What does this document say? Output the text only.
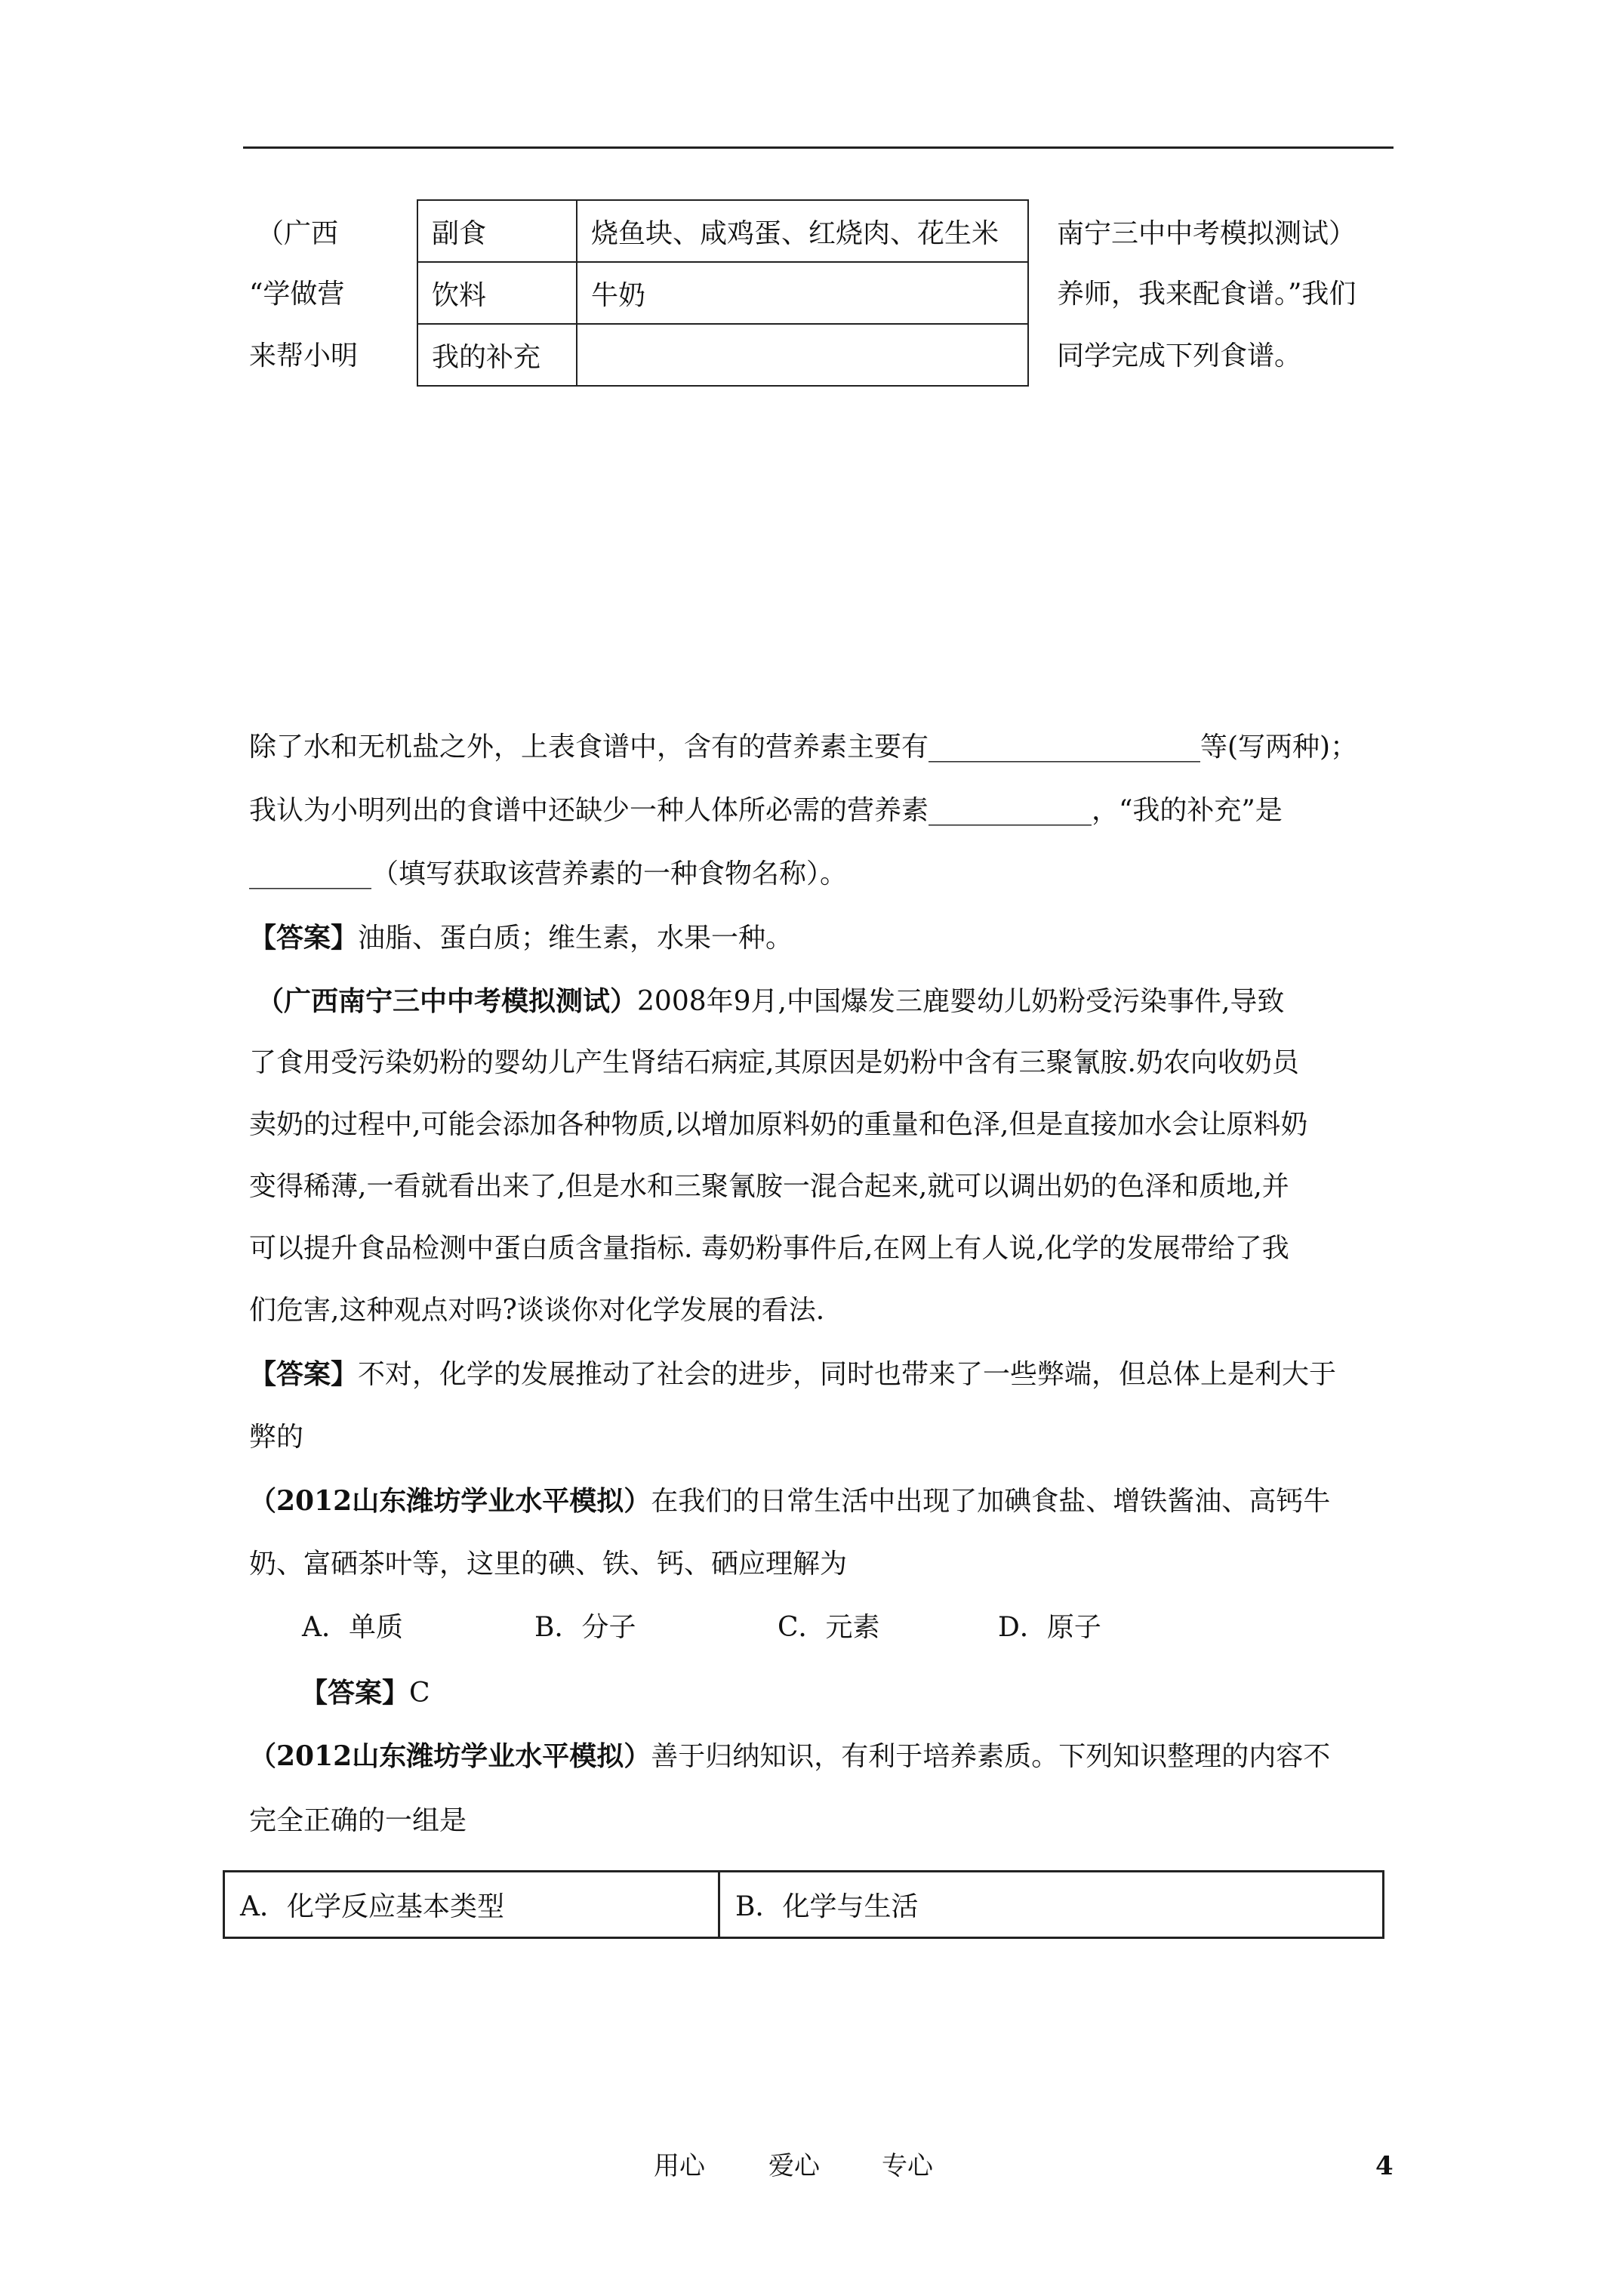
（广西
“学做营
来帮小明
副食	烧鱼块、咸鸡蛋、红烧肉、花生米
饮料	牛奶
我的补充	
南宁三中中考模拟测试）
养师，我来配食谱。”我们
同学完成下列食谱。
除了水和无机盐之外，上表食谱中，含有的营养素主要有____________________等(写两种)；
我认为小明列出的食谱中还缺少一种人体所必需的营养素____________，“我的补充”是
_________（填写获取该营养素的一种食物名称）。
【答案】油脂、蛋白质；维生素，水果一种。
（广西南宁三中中考模拟测试）2008年9月,中国爆发三鹿婴幼儿奶粉受污染事件,导致
了食用受污染奶粉的婴幼儿产生肾结石病症,其原因是奶粉中含有三聚氰胺.奶农向收奶员
卖奶的过程中,可能会添加各种物质,以增加原料奶的重量和色泽,但是直接加水会让原料奶
变得稀薄,一看就看出来了,但是水和三聚氰胺一混合起来,就可以调出奶的色泽和质地,并
可以提升食品检测中蛋白质含量指标. 毒奶粉事件后,在网上有人说,化学的发展带给了我
们危害,这种观点对吗?谈谈你对化学发展的看法.
【答案】不对，化学的发展推动了社会的进步，同时也带来了一些弊端，但总体上是利大于
弊的
（2012山东潍坊学业水平模拟）在我们的日常生活中出现了加碘食盐、增铁酱油、高钙牛
奶、富硒茶叶等，这里的碘、铁、钙、硒应理解为
A．单质	B．分子	C．元素	D．原子
【答案】C
（2012山东潍坊学业水平模拟）善于归纳知识，有利于培养素质。下列知识整理的内容不
完全正确的一组是
A．化学反应基本类型	B．化学与生活
用心 爱心 专心	4
